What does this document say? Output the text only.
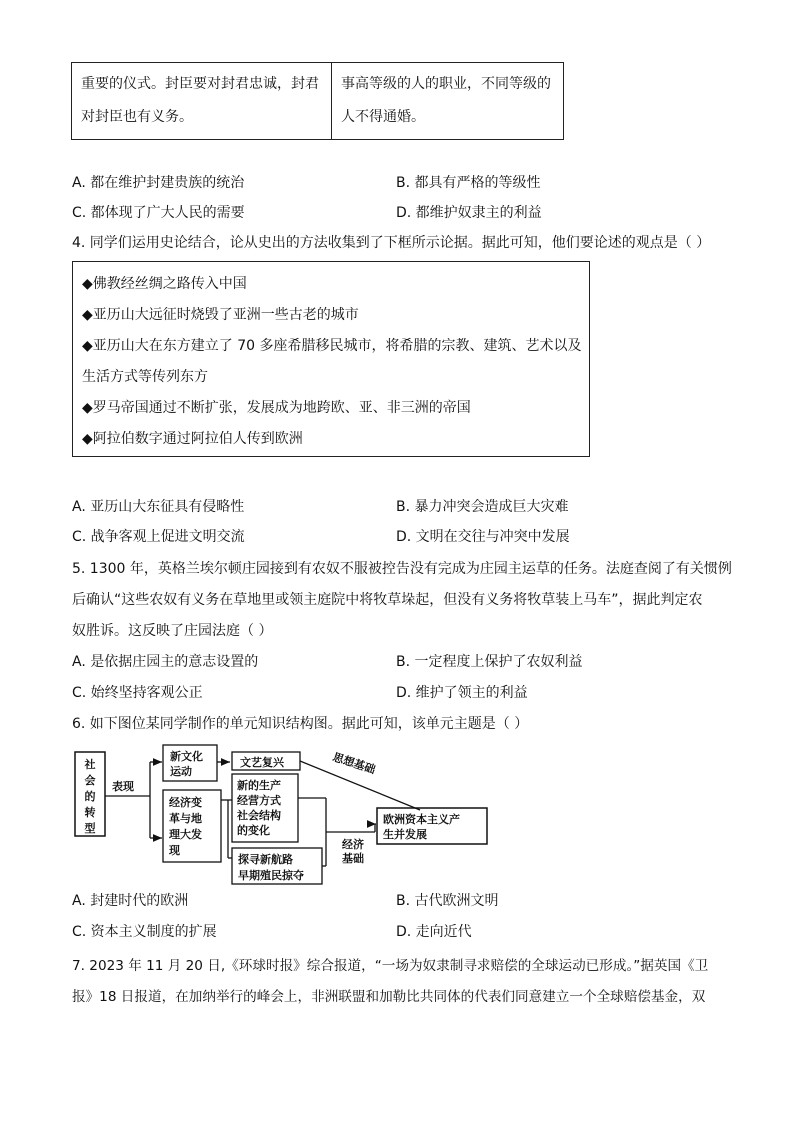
重要的仪式。封臣要对封君忠诚，封君
对封臣也有义务。

事高等级的人的职业，不同等级的
人不得通婚。
A. 都在维护封建贵族的统治	B. 都具有严格的等级性
C. 都体现了广大人民的需要	D. 都维护奴隶主的利益
4. 同学们运用史论结合，论从史出的方法收集到了下框所示论据。据此可知，他们要论述的观点是（ ）
◆佛教经丝绸之路传入中国
◆亚历山大远征时烧毁了亚洲一些古老的城市
◆亚历山大在东方建立了 70 多座希腊移民城市，将希腊的宗教、建筑、艺术以及
生活方式等传列东方
◆罗马帝国通过不断扩张，发展成为地跨欧、亚、非三洲的帝国
◆阿拉伯数字通过阿拉伯人传到欧洲
A. 亚历山大东征具有侵略性	B. 暴力冲突会造成巨大灾难
C. 战争客观上促进文明交流	D. 文明在交往与冲突中发展
5. 1300 年，英格兰埃尔顿庄园接到有农奴不服被控告没有完成为庄园主运草的任务。法庭查阅了有关惯例
后确认“这些农奴有义务在草地里或领主庭院中将牧草垛起，但没有义务将牧草装上马车”，据此判定农
奴胜诉。这反映了庄园法庭（ ）
A. 是依据庄园主的意志设置的	B. 一定程度上保护了农奴利益
C. 始终坚持客观公正	D. 维护了领主的利益
6. 如下图位某同学制作的单元知识结构图。据此可知，该单元主题是（ ）
社
会
的
转
型
表现
新文化
运动
文艺复兴	思想基础
经济变
革与地
理大发
现
新的生产
经营方式
社会结构
的变化
探寻新航路
早期殖民掠夺
经济
基础
欧洲资本主义产
生并发展
A. 封建时代的欧洲	B. 古代欧洲文明
C. 资本主义制度的扩展	D. 走向近代
7. 2023 年 11 月 20 日,《环球时报》综合报道，“一场为奴隶制寻求赔偿的全球运动已形成。”据英国《卫
报》18 日报道，在加纳举行的峰会上，非洲联盟和加勒比共同体的代表们同意建立一个全球赔偿基金，双
